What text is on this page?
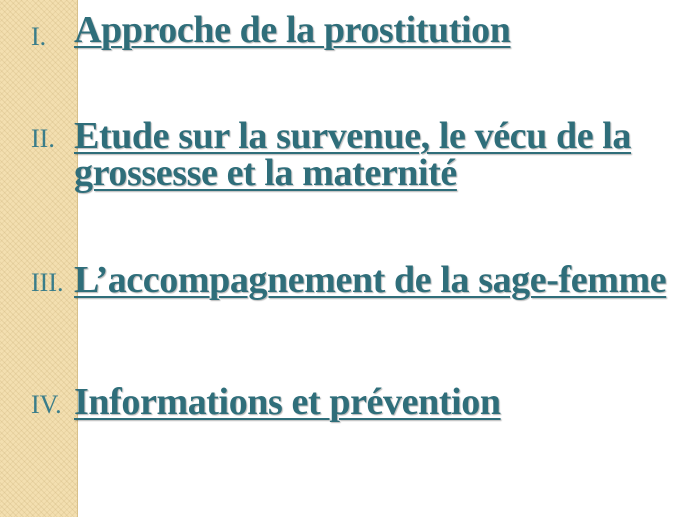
I. Approche de la prostitution
II. Etude sur la survenue, le vécu de la grossesse et la maternité
III. L’accompagnement de la sage-femme
IV. Informations et prévention
